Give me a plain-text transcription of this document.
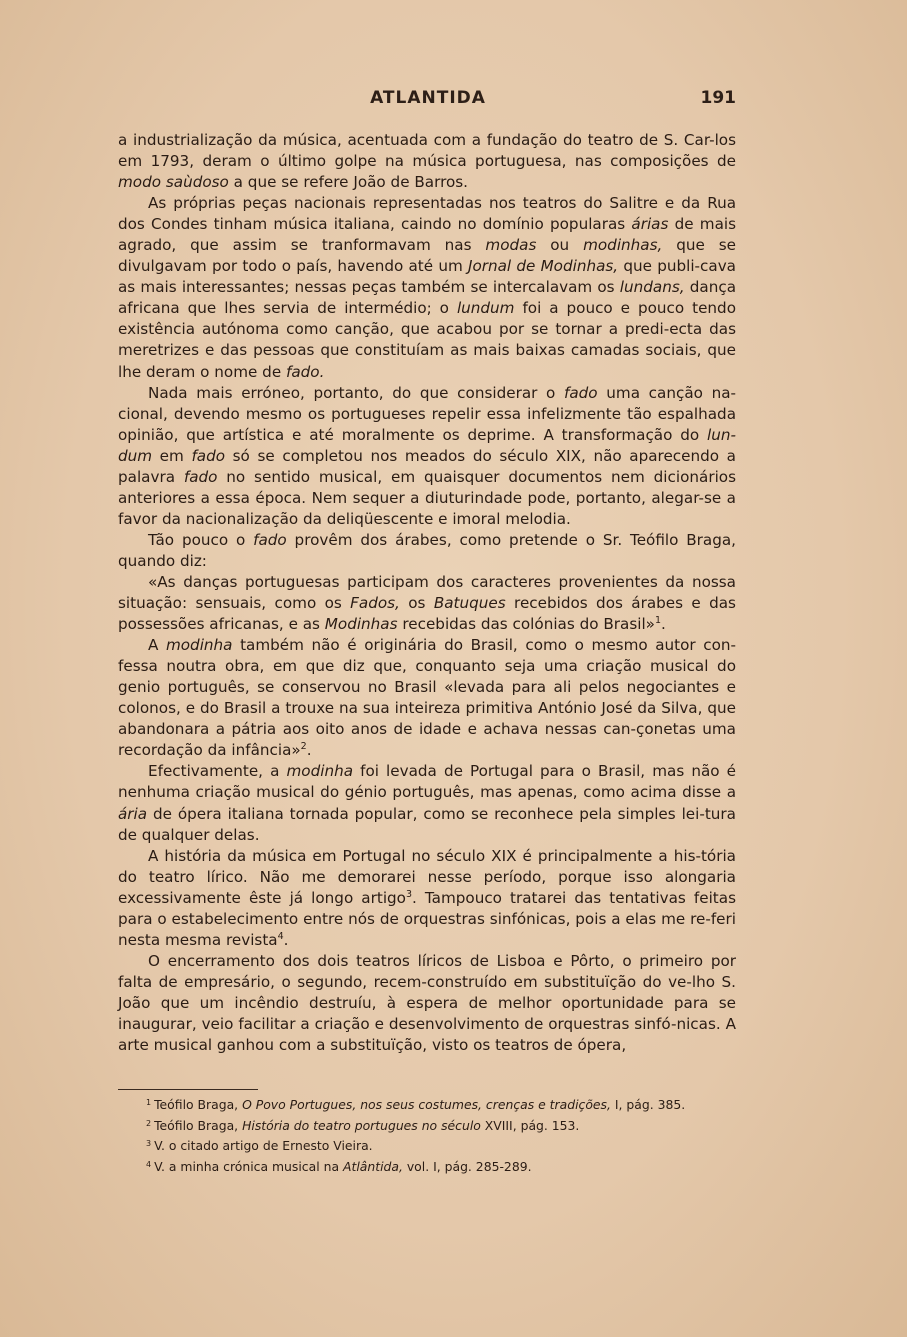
ATLANTIDA	191

a industrialização da música, acentuada com a fundação do teatro de S. Car-los em 1793, deram o último golpe na música portuguesa, nas composições de modo saùdoso a que se refere João de Barros.

As próprias peças nacionais representadas nos teatros do Salitre e da Rua dos Condes tinham música italiana, caindo no domínio popularas árias de mais agrado, que assim se tranformavam nas modas ou modinhas, que se divulgavam por todo o país, havendo até um Jornal de Modinhas, que publi-cava as mais interessantes; nessas peças também se intercalavam os lundans, dança africana que lhes servia de intermédio; o lundum foi a pouco e pouco tendo existência autónoma como canção, que acabou por se tornar a predi-ecta das meretrizes e das pessoas que constituíam as mais baixas camadas sociais, que lhe deram o nome de fado.

Nada mais erróneo, portanto, do que considerar o fado uma canção na-cional, devendo mesmo os portugueses repelir essa infelizmente tão espalhada opinião, que artística e até moralmente os deprime. A transformação do lun-dum em fado só se completou nos meados do século XIX, não aparecendo a palavra fado no sentido musical, em quaisquer documentos nem dicionários anteriores a essa época. Nem sequer a diuturindade pode, portanto, alegar-se a favor da nacionalização da deliqüescente e imoral melodia.

Tão pouco o fado provêm dos árabes, como pretende o Sr. Teófilo Braga, quando diz:

«As danças portuguesas participam dos caracteres provenientes da nossa situação: sensuais, como os Fados, os Batuques recebidos dos árabes e das possessões africanas, e as Modinhas recebidas das colónias do Brasil»$^1$.

A modinha também não é originária do Brasil, como o mesmo autor con-fessa noutra obra, em que diz que, conquanto seja uma criação musical do genio português, se conservou no Brasil «levada para ali pelos negociantes e colonos, e do Brasil a trouxe na sua inteireza primitiva António José da Silva, que abandonara a pátria aos oito anos de idade e achava nessas can-çonetas uma recordação da infância»$^2$.

Efectivamente, a modinha foi levada de Portugal para o Brasil, mas não é nenhuma criação musical do génio português, mas apenas, como acima disse a ária de ópera italiana tornada popular, como se reconhece pela simples lei-tura de qualquer delas.

A história da música em Portugal no século XIX é principalmente a his-tória do teatro lírico. Não me demorarei nesse período, porque isso alongaria excessivamente êste já longo artigo$^3$. Tampouco tratarei das tentativas feitas para o estabelecimento entre nós de orquestras sinfónicas, pois a elas me re-feri nesta mesma revista$^4$.

O encerramento dos dois teatros líricos de Lisboa e Pôrto, o primeiro por falta de empresário, o segundo, recem-construído em substituïção do ve-lho S. João que um incêndio destruíu, à espera de melhor oportunidade para se inaugurar, veio facilitar a criação e desenvolvimento de orquestras sinfó-nicas. A arte musical ganhou com a substituïção, visto os teatros de ópera,

$^1$ Teófilo Braga, O Povo Portugues, nos seus costumes, crenças e tradições, I, pág. 385.
$^2$ Teófilo Braga, História do teatro portugues no século XVIII, pág. 153.
$^3$ V. o citado artigo de Ernesto Vieira.
$^4$ V. a minha crónica musical na Atlântida, vol. I, pág. 285-289.
